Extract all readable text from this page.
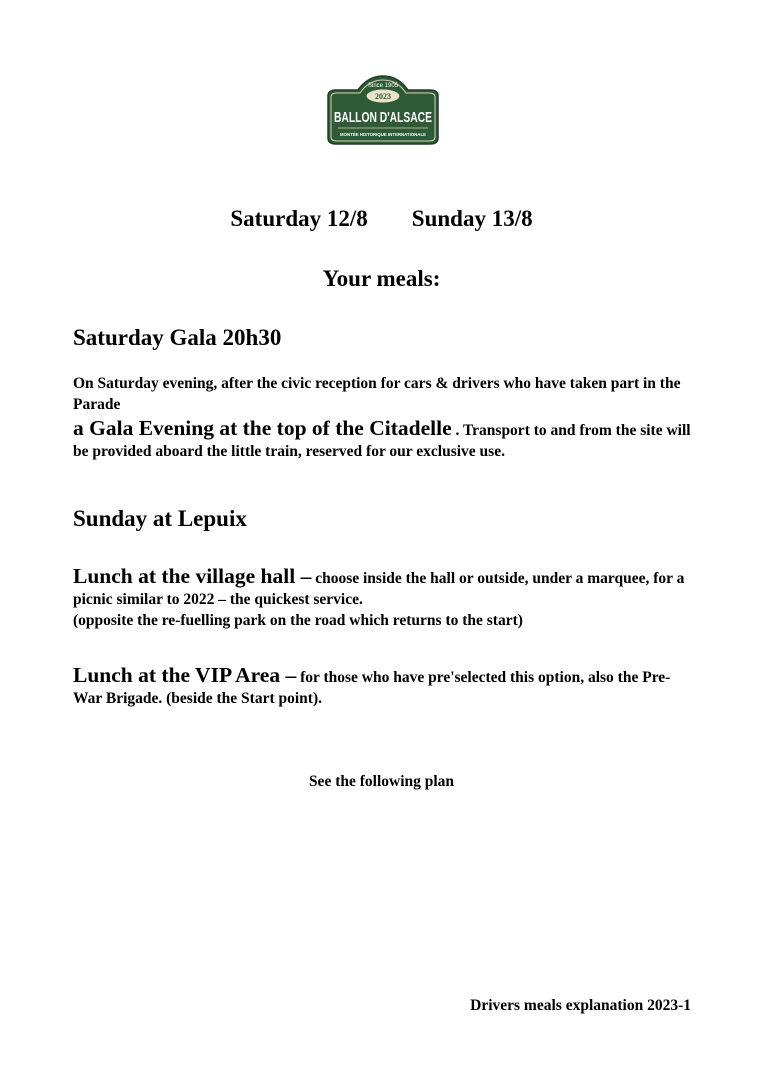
Since 1905
2023
BALLON D'ALSACE
MONTÉE HISTORIQUE INTERNATIONALE
Saturday 12/8 Sunday 13/8
Your meals:
Saturday Gala 20h30
On Saturday evening, after the civic reception for cars & drivers who have taken part in the Parade
a Gala Evening at the top of the Citadelle . Transport to and from the site will be provided aboard the little train, reserved for our exclusive use.
Sunday at Lepuix
Lunch at the village hall – choose inside the hall or outside, under a marquee, for a picnic similar to 2022 – the quickest service.
(opposite the re-fuelling park on the road which returns to the start)
Lunch at the VIP Area – for those who have pre'selected this option, also the Pre-War Brigade. (beside the Start point).
See the following plan
Drivers meals explanation 2023-1
